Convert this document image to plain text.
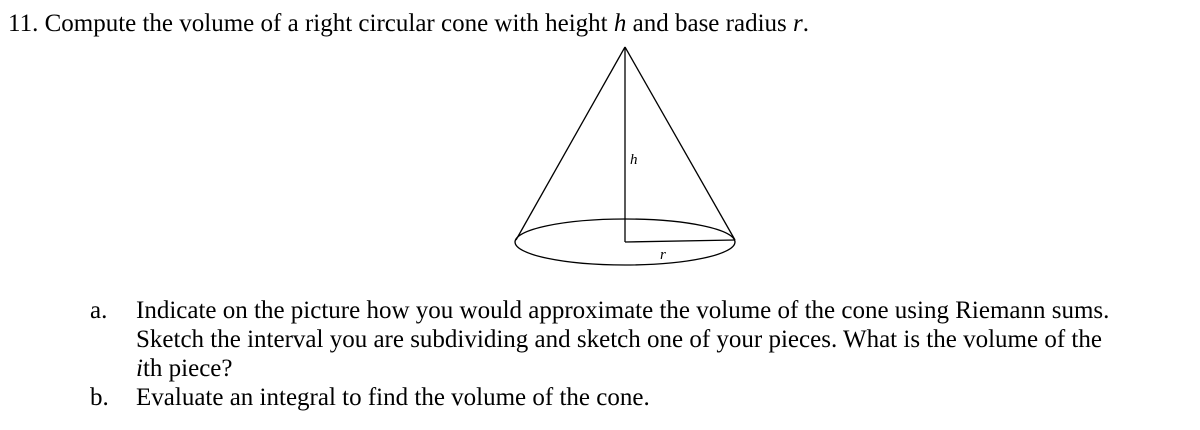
11. Compute the volume of a right circular cone with height h and base radius r.
h
r
a.	Indicate on the picture how you would approximate the volume of the cone using Riemann sums.
Sketch the interval you are subdividing and sketch one of your pieces. What is the volume of the
ith piece?
b.	Evaluate an integral to find the volume of the cone.
